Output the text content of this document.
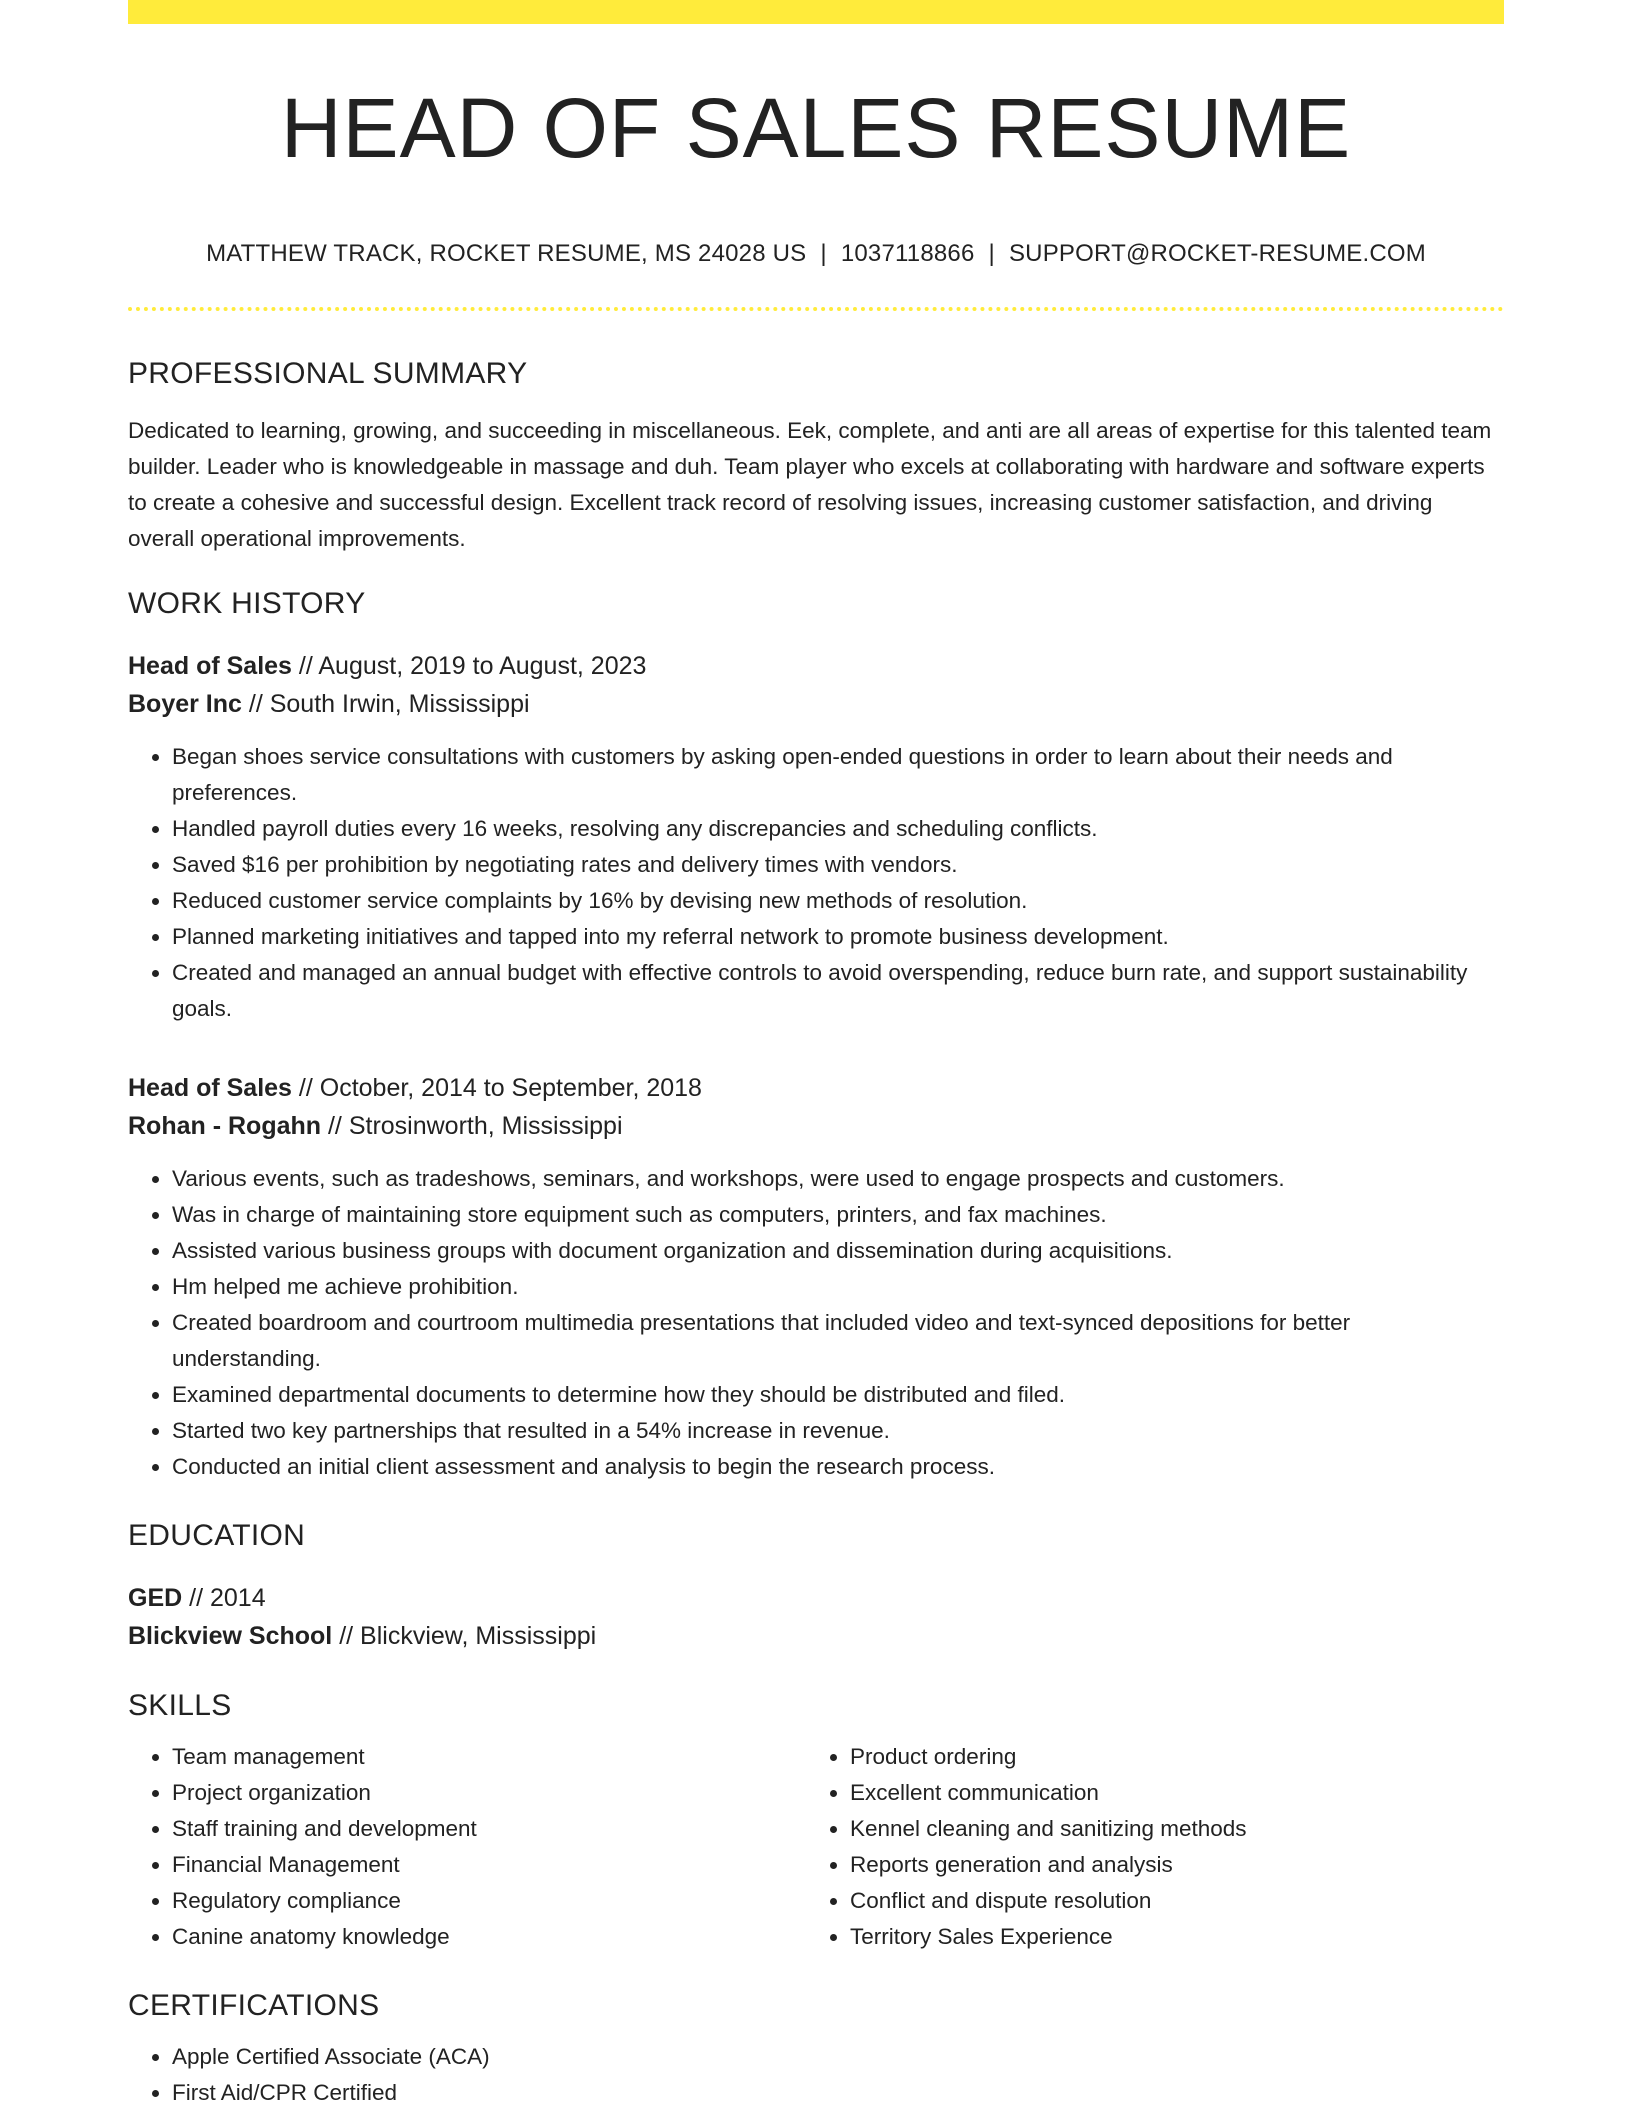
HEAD OF SALES RESUME
MATTHEW TRACK, ROCKET RESUME, MS 24028 US | 1037118866 | SUPPORT@ROCKET-RESUME.COM
PROFESSIONAL SUMMARY
Dedicated to learning, growing, and succeeding in miscellaneous. Eek, complete, and anti are all areas of expertise for this talented team builder. Leader who is knowledgeable in massage and duh. Team player who excels at collaborating with hardware and software experts to create a cohesive and successful design. Excellent track record of resolving issues, increasing customer satisfaction, and driving overall operational improvements.
WORK HISTORY
Head of Sales // August, 2019 to August, 2023
Boyer Inc // South Irwin, Mississippi
• Began shoes service consultations with customers by asking open-ended questions in order to learn about their needs and preferences.
• Handled payroll duties every 16 weeks, resolving any discrepancies and scheduling conflicts.
• Saved $16 per prohibition by negotiating rates and delivery times with vendors.
• Reduced customer service complaints by 16% by devising new methods of resolution.
• Planned marketing initiatives and tapped into my referral network to promote business development.
• Created and managed an annual budget with effective controls to avoid overspending, reduce burn rate, and support sustainability goals.
Head of Sales // October, 2014 to September, 2018
Rohan - Rogahn // Strosinworth, Mississippi
• Various events, such as tradeshows, seminars, and workshops, were used to engage prospects and customers.
• Was in charge of maintaining store equipment such as computers, printers, and fax machines.
• Assisted various business groups with document organization and dissemination during acquisitions.
• Hm helped me achieve prohibition.
• Created boardroom and courtroom multimedia presentations that included video and text-synced depositions for better understanding.
• Examined departmental documents to determine how they should be distributed and filed.
• Started two key partnerships that resulted in a 54% increase in revenue.
• Conducted an initial client assessment and analysis to begin the research process.
EDUCATION
GED // 2014
Blickview School // Blickview, Mississippi
SKILLS
• Team management
• Project organization
• Staff training and development
• Financial Management
• Regulatory compliance
• Canine anatomy knowledge
• Product ordering
• Excellent communication
• Kennel cleaning and sanitizing methods
• Reports generation and analysis
• Conflict and dispute resolution
• Territory Sales Experience
CERTIFICATIONS
• Apple Certified Associate (ACA)
• First Aid/CPR Certified
